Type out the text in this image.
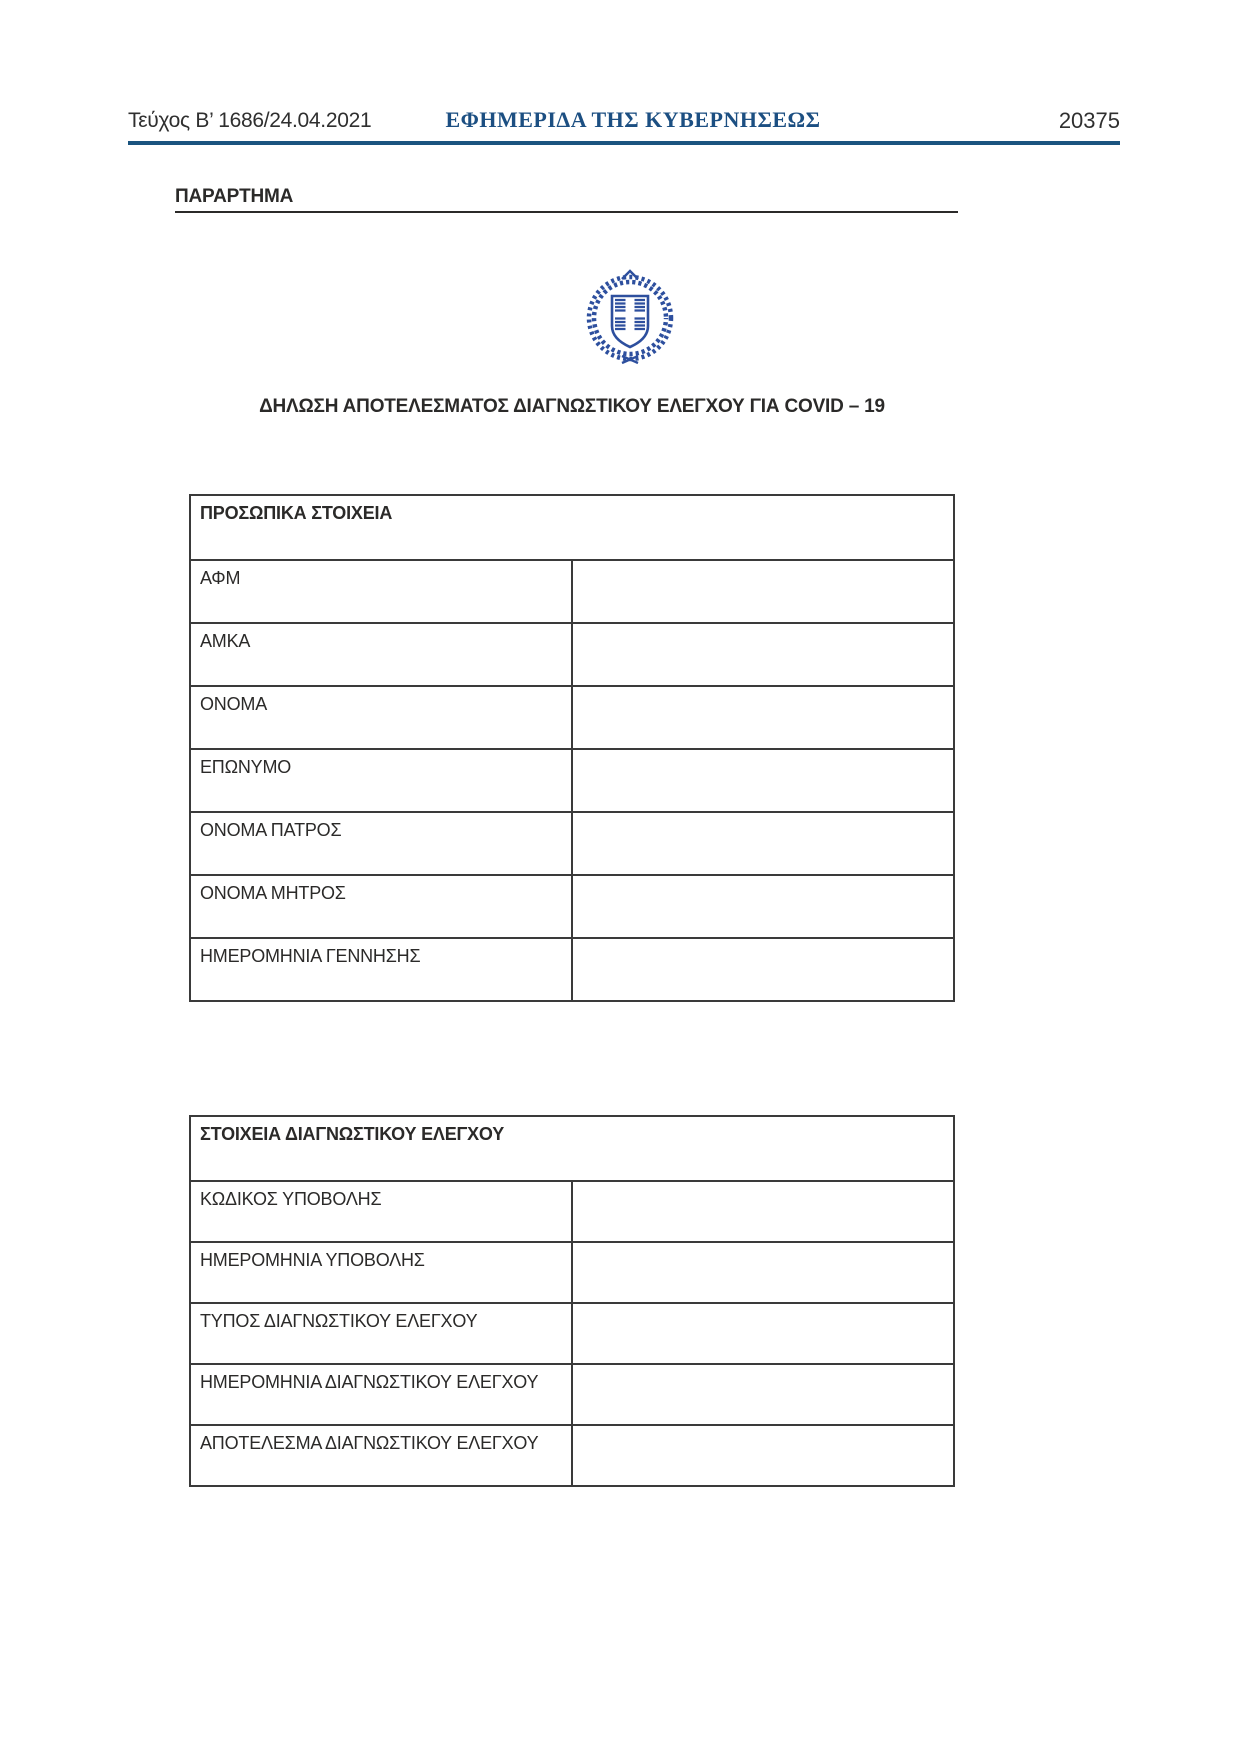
Τεύχος Β’ 1686/24.04.2021	ΕΦΗΜΕΡΙΔΑ ΤΗΣ ΚΥΒΕΡΝΗΣΕΩΣ	20375
ΠΑΡΑΡΤΗΜΑ
ΔΗΛΩΣΗ ΑΠΟΤΕΛΕΣΜΑΤΟΣ ΔΙΑΓΝΩΣΤΙΚΟΥ ΕΛΕΓΧΟΥ ΓΙΑ COVID – 19
ΠΡΟΣΩΠΙΚΑ ΣΤΟΙΧΕΙΑ	
ΑΦΜ	
ΑΜΚΑ	
ΟΝΟΜΑ	
ΕΠΩΝΥΜΟ	
ΟΝΟΜΑ ΠΑΤΡΟΣ	
ΟΝΟΜΑ ΜΗΤΡΟΣ	
ΗΜΕΡΟΜΗΝΙΑ ΓΕΝΝΗΣΗΣ	
ΣΤΟΙΧΕΙΑ ΔΙΑΓΝΩΣΤΙΚΟΥ ΕΛΕΓΧΟΥ	
ΚΩΔΙΚΟΣ ΥΠΟΒΟΛΗΣ	
ΗΜΕΡΟΜΗΝΙΑ ΥΠΟΒΟΛΗΣ	
ΤΥΠΟΣ ΔΙΑΓΝΩΣΤΙΚΟΥ ΕΛΕΓΧΟΥ	
ΗΜΕΡΟΜΗΝΙΑ ΔΙΑΓΝΩΣΤΙΚΟΥ ΕΛΕΓΧΟΥ	
ΑΠΟΤΕΛΕΣΜΑ ΔΙΑΓΝΩΣΤΙΚΟΥ ΕΛΕΓΧΟΥ	
